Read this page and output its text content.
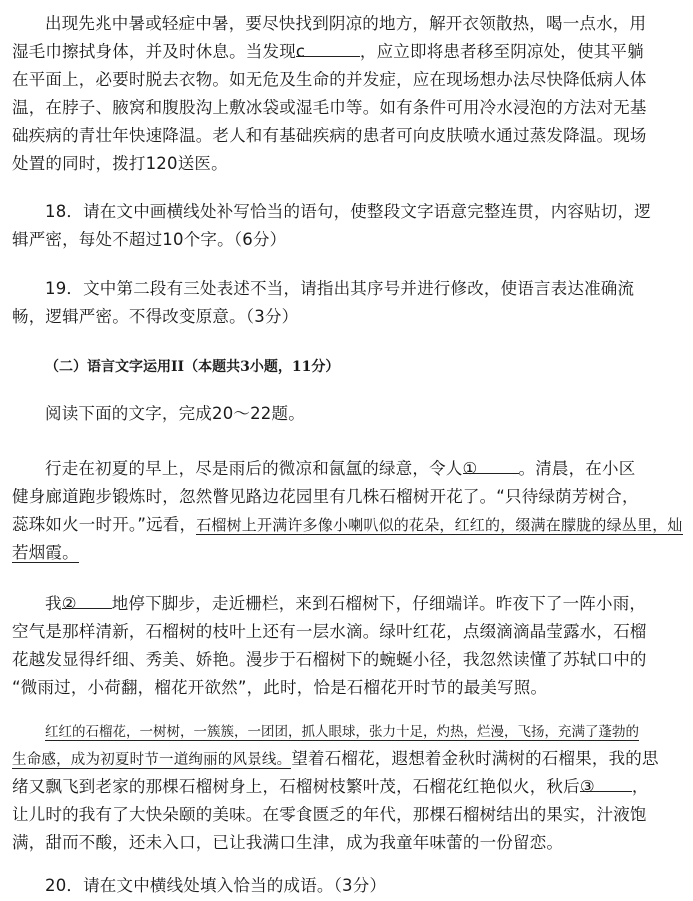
出现先兆中暑或轻症中暑，要尽快找到阴凉的地方，解开衣领散热，喝一点水，用
湿毛巾擦拭身体，并及时休息。当发现c	，应立即将患者移至阴凉处，使其平躺
在平面上，必要时脱去衣物。如无危及生命的并发症，应在现场想办法尽快降低病人体
温，在脖子、腋窝和腹股沟上敷冰袋或湿毛巾等。如有条件可用冷水浸泡的方法对无基
础疾病的青壮年快速降温。老人和有基础疾病的患者可向皮肤喷水通过蒸发降温。现场
处置的同时，拨打120送医。
18．请在文中画横线处补写恰当的语句，使整段文字语意完整连贯，内容贴切，逻
辑严密，每处不超过10个字。（6分）
19．文中第二段有三处表述不当，请指出其序号并进行修改，使语言表达准确流
畅，逻辑严密。不得改变原意。（3分）
（二）语言文字运用II（本题共3小题，11分）
阅读下面的文字，完成20～22题。
行走在初夏的早上，尽是雨后的微凉和氤氲的绿意，令人① 。清晨，在小区
健身廊道跑步锻炼时，忽然瞥见路边花园里有几株石榴树开花了。“只待绿荫芳树合，
蕊珠如火一时开。”远看，石榴树上开满许多像小喇叭似的花朵，红红的，缀满在朦胧的绿丛里，灿
若烟霞。
我② 地停下脚步，走近栅栏，来到石榴树下，仔细端详。昨夜下了一阵小雨，
空气是那样清新，石榴树的枝叶上还有一层水滴。绿叶红花，点缀滴滴晶莹露水，石榴
花越发显得纤细、秀美、娇艳。漫步于石榴树下的蜿蜒小径，我忽然读懂了苏轼口中的
“微雨过，小荷翻，榴花开欲然”，此时，恰是石榴花开时节的最美写照。
红红的石榴花，一树树，一簇簇，一团团，抓人眼球，张力十足，灼热，烂漫，飞扬，充满了蓬勃的
生命感，成为初夏时节一道绚丽的风景线。望着石榴花，遐想着金秋时满树的石榴果，我的思
绪又飘飞到老家的那棵石榴树身上，石榴树枝繁叶茂，石榴花红艳似火，秋后③ ，
让儿时的我有了大快朵颐的美味。在零食匮乏的年代，那棵石榴树结出的果实，汁液饱
满，甜而不酸，还未入口，已让我满口生津，成为我童年味蕾的一份留恋。
20．请在文中横线处填入恰当的成语。（3分）
